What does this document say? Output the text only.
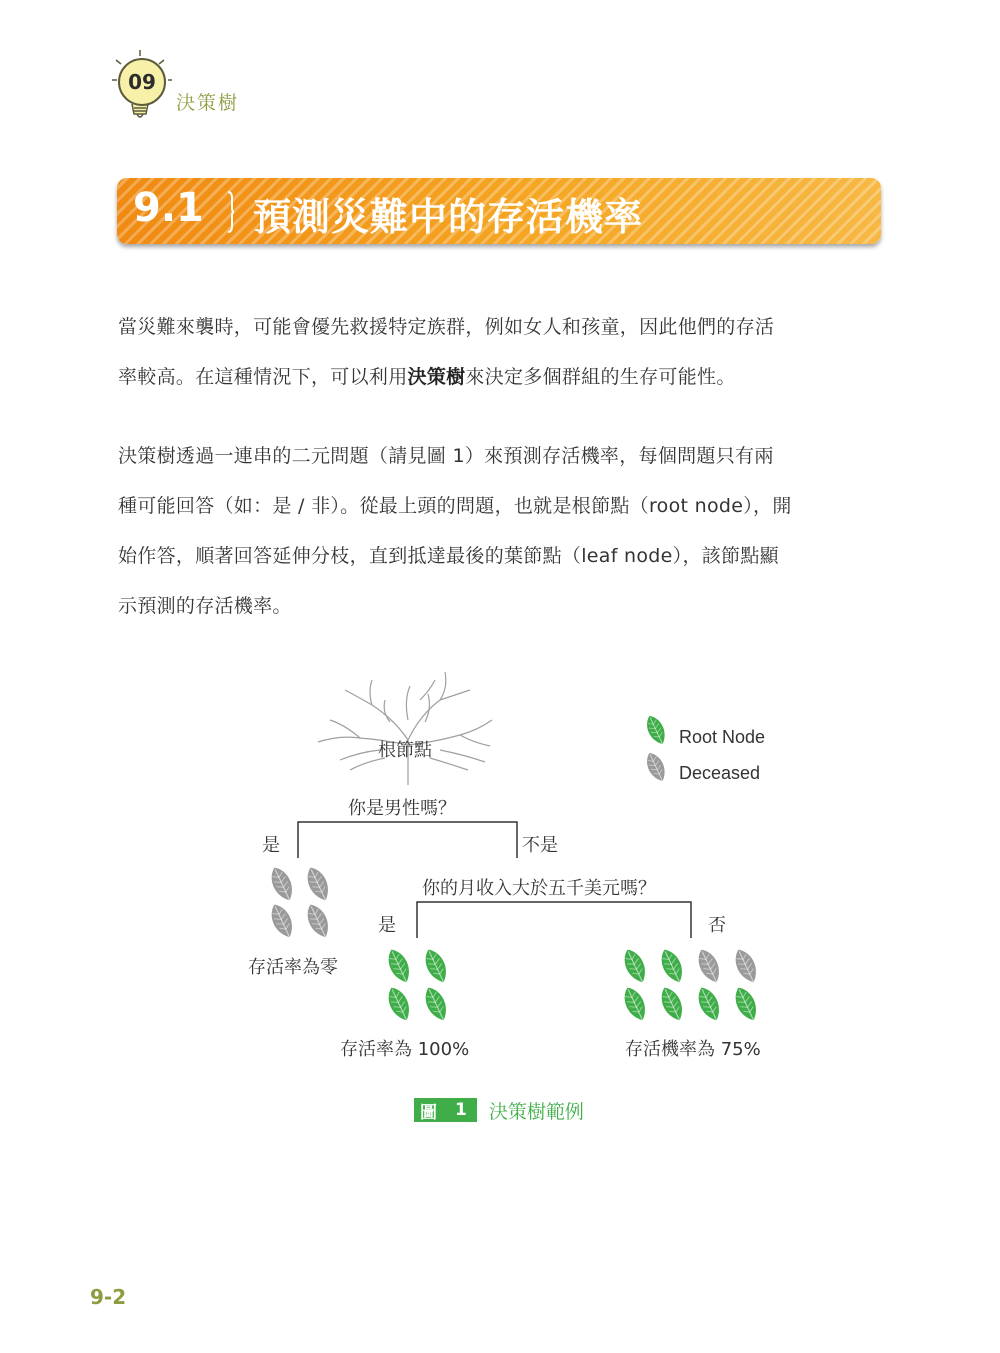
09
決策樹
9.1 預測災難中的存活機率
當災難來襲時，可能會優先救援特定族群，例如女人和孩童，因此他們的存活
率較高。在這種情況下，可以利用決策樹來決定多個群組的生存可能性。
決策樹透過一連串的二元問題（請見圖 1）來預測存活機率，每個問題只有兩
種可能回答（如：是 / 非）。從最上頭的問題，也就是根節點（root node），開
始作答，順著回答延伸分枝，直到抵達最後的葉節點（leaf node），該節點顯
示預測的存活機率。
根節點
你是男性嗎？
是	不是
存活率為零
你的月收入大於五千美元嗎？
是	否
存活率為 100%	存活機率為 75%
Root Node
Deceased
圖 1 決策樹範例
9-2
